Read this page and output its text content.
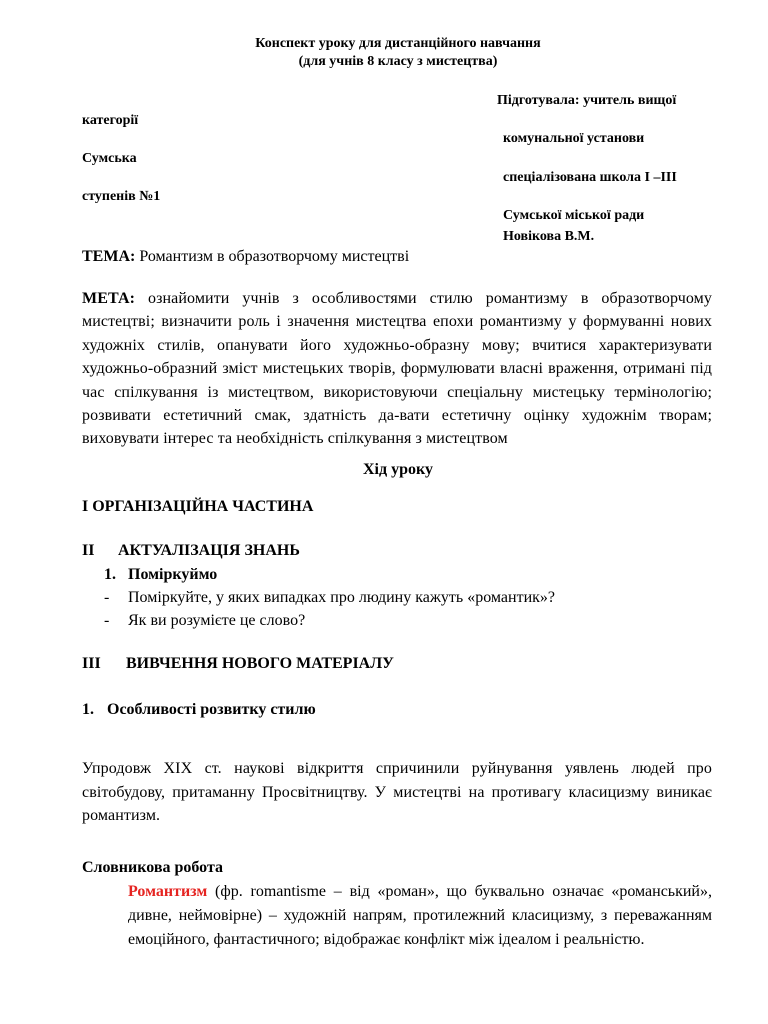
Конспект уроку для дистанційного навчання
(для учнів 8 класу з мистецтва)
Підготувала: учитель вищої
категорії
комунальної установи
Сумська
спеціалізована школа I –ІІІ
ступенів №1
Сумської міської ради
Новікова В.М.
ТЕМА: Романтизм в образотворчому мистецтві
МЕТА: ознайомити учнів з особливостями стилю романтизму в образотворчому мистецтві; визначити роль і значення мистецтва епохи романтизму у формуванні нових художніх стилів, опанувати його художньо-образну мову; вчитися характеризувати художньо-образний зміст мистецьких творів, формулювати власні враження, отримані під час спілкування із мистецтвом, використовуючи спеціальну мистецьку термінологію; розвивати естетичний смак, здатність да-вати естетичну оцінку художнім творам; виховувати інтерес та необхідність спілкування з мистецтвом
Хід уроку
І ОРГАНІЗАЦІЙНА ЧАСТИНА
ІІ АКТУАЛІЗАЦІЯ ЗНАНЬ
1. Поміркуймо
- Поміркуйте, у яких випадках про людину кажуть «романтик»?
- Як ви розумієте це слово?
ІІІ ВИВЧЕННЯ НОВОГО МАТЕРІАЛУ
1. Особливості розвитку стилю
Упродовж ХІХ ст. наукові відкриття спричинили руйнування уявлень людей про світобудову, притаманну Просвітництву. У мистецтві на противагу класицизму виникає романтизм.
Словникова робота
Романтизм (фр. romantisme – від «роман», що буквально означає «романський», дивне, неймовірне) – художній напрям, протилежний класицизму, з переважанням емоційного, фантастичного; відображає конфлікт між ідеалом і реальністю.
